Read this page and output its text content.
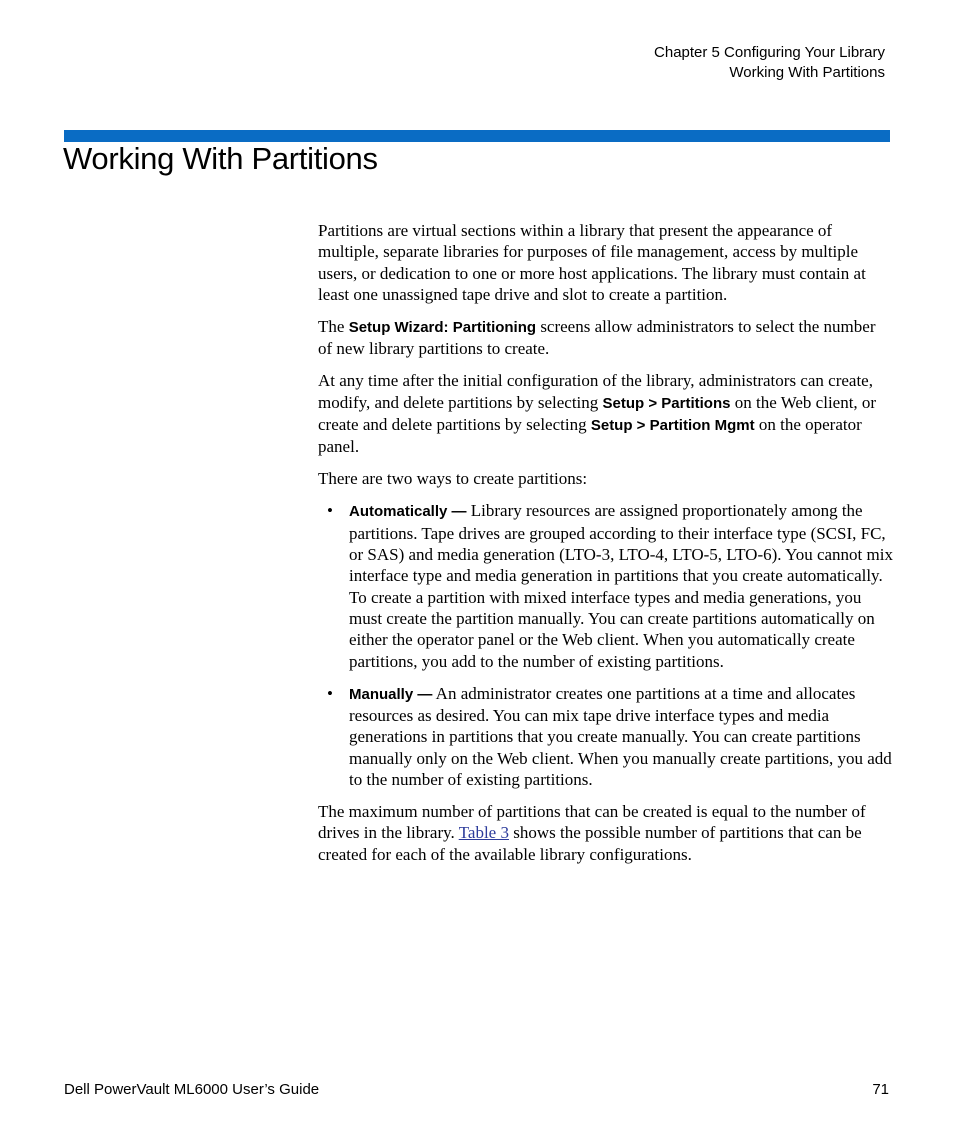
Chapter 5 Configuring Your Library
Working With Partitions
Working With Partitions

Partitions are virtual sections within a library that present the appearance of multiple, separate libraries for purposes of file management, access by multiple users, or dedication to one or more host applications. The library must contain at least one unassigned tape drive and slot to create a partition.

The Setup Wizard: Partitioning screens allow administrators to select the number of new library partitions to create.

At any time after the initial configuration of the library, administrators can create, modify, and delete partitions by selecting Setup > Partitions on the Web client, or create and delete partitions by selecting Setup > Partition Mgmt on the operator panel.

There are two ways to create partitions:

• Automatically — Library resources are assigned proportionately among the partitions. Tape drives are grouped according to their interface type (SCSI, FC, or SAS) and media generation (LTO-3, LTO-4, LTO-5, LTO-6). You cannot mix interface type and media generation in partitions that you create automatically. To create a partition with mixed interface types and media generations, you must create the partition manually. You can create partitions automatically on either the operator panel or the Web client. When you automatically create partitions, you add to the number of existing partitions.
• Manually — An administrator creates one partitions at a time and allocates resources as desired. You can mix tape drive interface types and media generations in partitions that you create manually. You can create partitions manually only on the Web client. When you manually create partitions, you add to the number of existing partitions.

The maximum number of partitions that can be created is equal to the number of drives in the library. Table 3 shows the possible number of partitions that can be created for each of the available library configurations.

Dell PowerVault ML6000 User’s Guide	71
